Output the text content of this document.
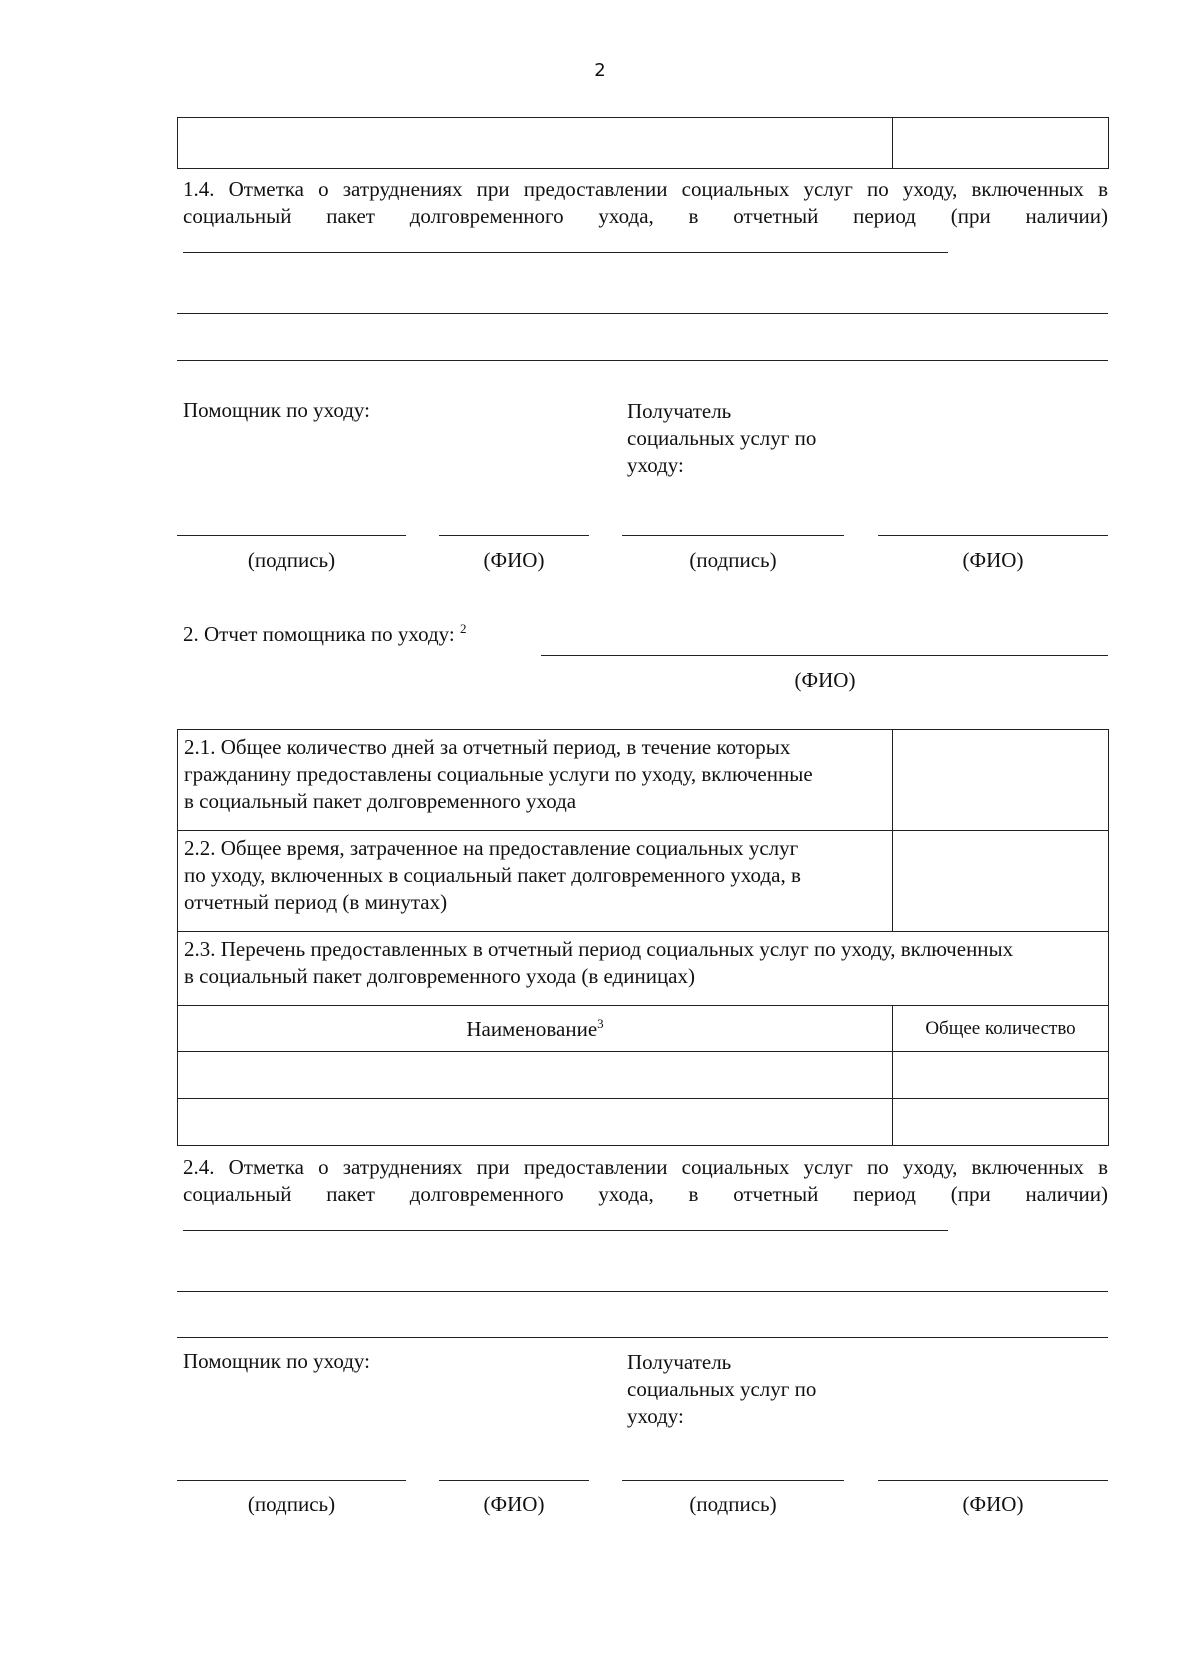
2

1.4. Отметка о затруднениях при предоставлении социальных услуг по уходу, включенных в
социальный пакет долговременного ухода, в отчетный период (при наличии)
Помощник по уходу:	Получатель
социальных услуг по
уходу:
(подпись)	(ФИО)	(подпись)	(ФИО)
2. Отчет помощника по уходу: $^2$
(ФИО)
2.1. Общее количество дней за отчетный период, в течение которых
гражданину предоставлены социальные услуги по уходу, включенные
в социальный пакет долговременного ухода	

2.2. Общее время, затраченное на предоставление социальных услуг
по уходу, включенных в социальный пакет долговременного ухода, в
отчетный период (в минутах)	

2.3. Перечень предоставленных в отчетный период социальных услуг по уходу, включенных
в социальный пакет долговременного ухода (в единицах)	

Наименование$^3$	Общее количество

2.4. Отметка о затруднениях при предоставлении социальных услуг по уходу, включенных в
социальный пакет долговременного ухода, в отчетный период (при наличии)
Помощник по уходу:	Получатель
социальных услуг по
уходу:
(подпись)	(ФИО)	(подпись)	(ФИО)
